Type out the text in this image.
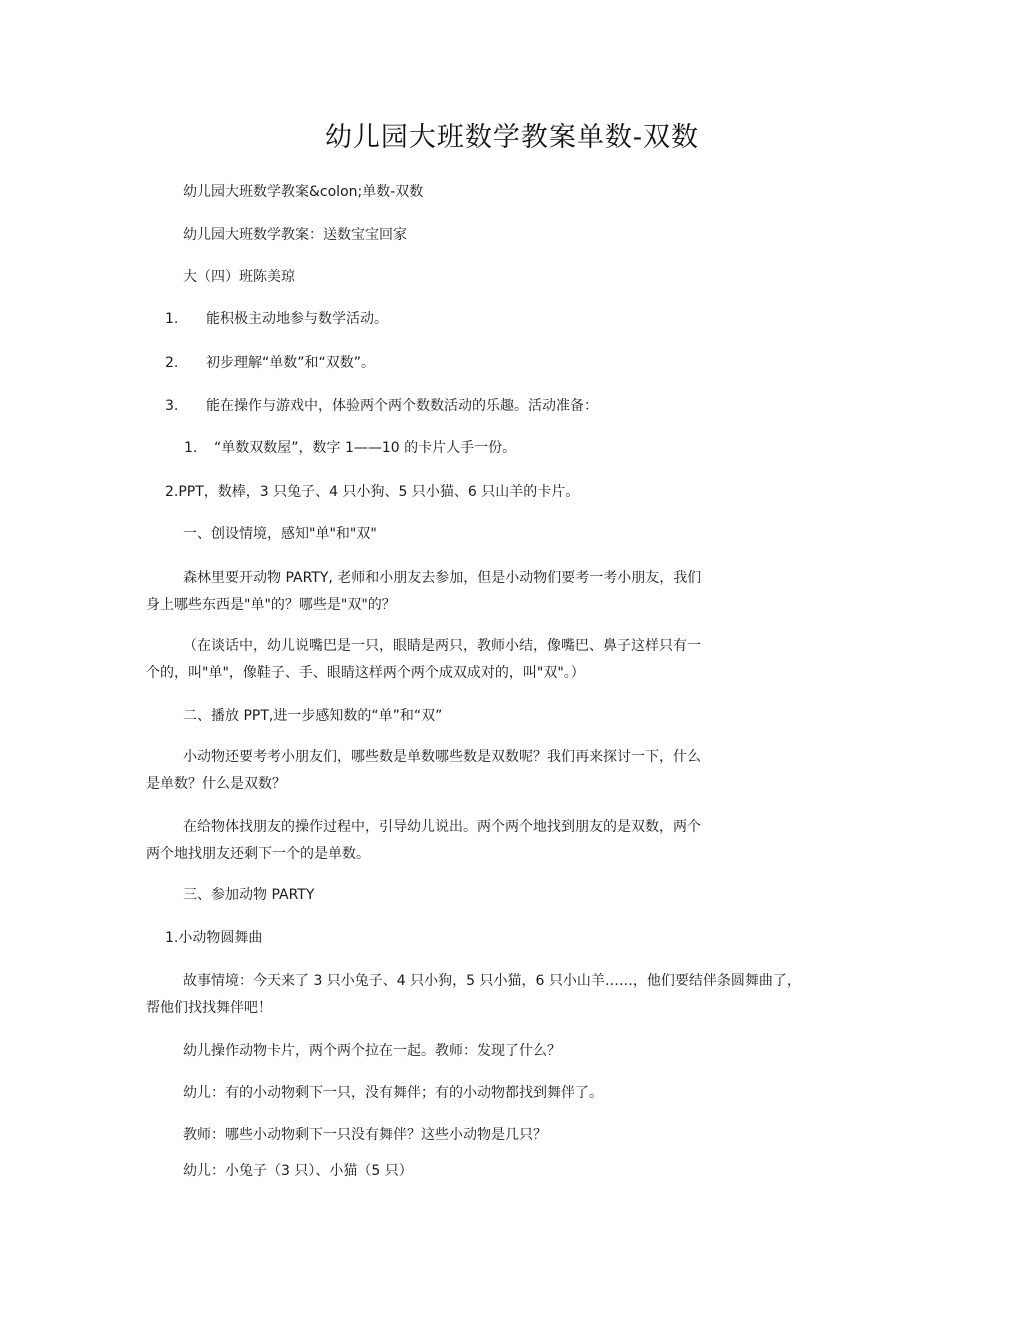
幼儿园大班数学教案单数-双数
幼儿园大班数学教案&colon;单数-双数
幼儿园大班数学教案：送数宝宝回家
大（四）班陈美琼
1. 能积极主动地参与数学活动。
2. 初步理解“单数”和“双数”。
3. 能在操作与游戏中，体验两个两个数数活动的乐趣。活动准备：
1. “单数双数屋”，数字 1——10 的卡片人手一份。
2.PPT，数棒，3 只兔子、4 只小狗、5 只小猫、6 只山羊的卡片。
一、创设情境，感知"单"和"双"
森林里要开动物 PARTY, 老师和小朋友去参加，但是小动物们要考一考小朋友，我们
身上哪些东西是"单"的？哪些是"双"的？
（在谈话中，幼儿说嘴巴是一只，眼睛是两只，教师小结，像嘴巴、鼻子这样只有一
个的，叫"单"，像鞋子、手、眼睛这样两个两个成双成对的，叫"双"。）
二、播放 PPT,进一步感知数的“单”和“双”
小动物还要考考小朋友们，哪些数是单数哪些数是双数呢？我们再来探讨一下，什么
是单数？什么是双数？
在给物体找朋友的操作过程中，引导幼儿说出。两个两个地找到朋友的是双数，两个
两个地找朋友还剩下一个的是单数。
三、参加动物 PARTY
1.小动物圆舞曲
故事情境：今天来了 3 只小兔子、4 只小狗，5 只小猫，6 只小山羊……，他们要结伴条圆舞曲了，
帮他们找找舞伴吧！
幼儿操作动物卡片，两个两个拉在一起。教师：发现了什么？
幼儿：有的小动物剩下一只，没有舞伴；有的小动物都找到舞伴了。
教师：哪些小动物剩下一只没有舞伴？这些小动物是几只？
幼儿：小兔子（3 只）、小猫（5 只）
